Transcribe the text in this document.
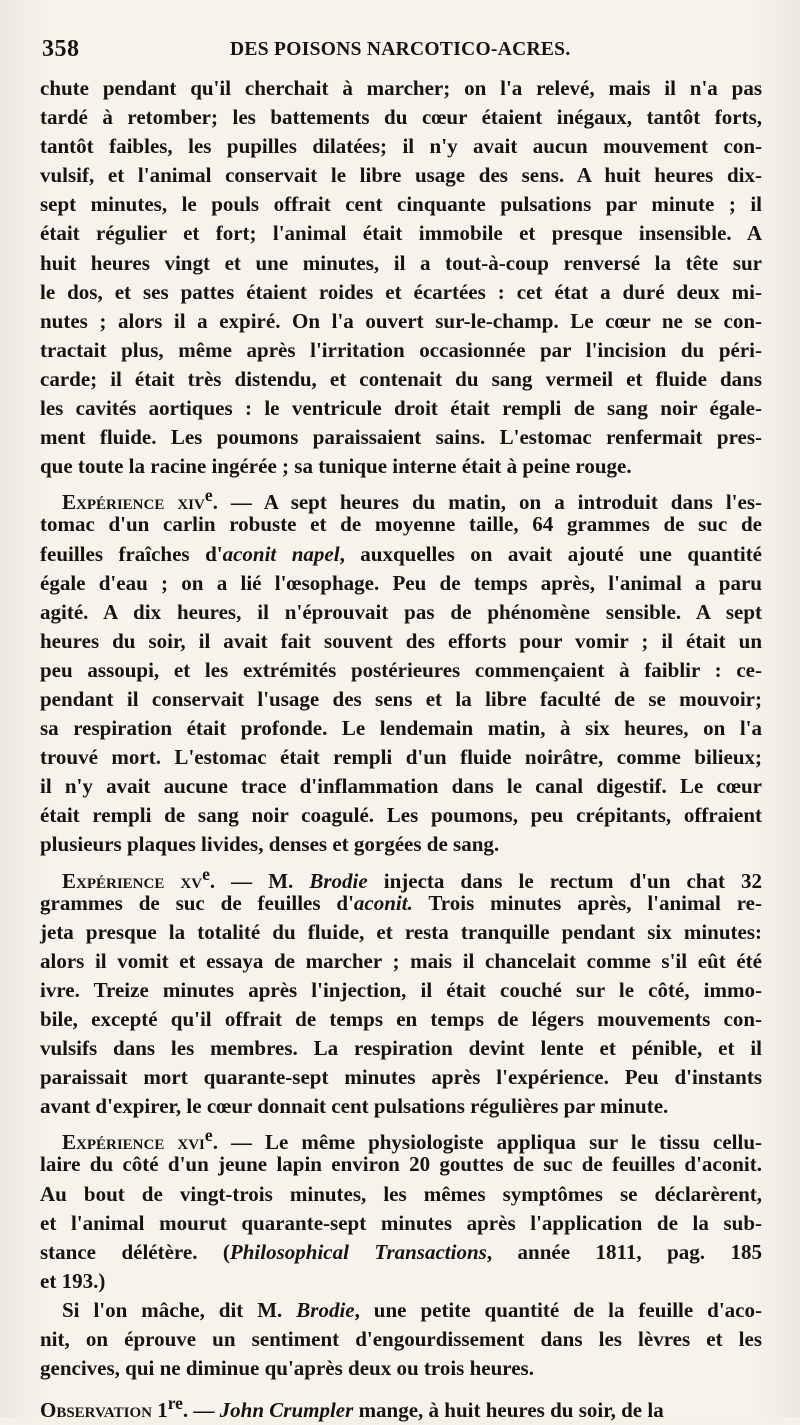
358	DES POISONS NARCOTICO-ACRES.
chute pendant qu'il cherchait à marcher; on l'a relevé, mais il n'a pas
tardé à retomber; les battements du cœur étaient inégaux, tantôt forts,
tantôt faibles, les pupilles dilatées; il n'y avait aucun mouvement con-
vulsif, et l'animal conservait le libre usage des sens. A huit heures dix-
sept minutes, le pouls offrait cent cinquante pulsations par minute ; il
était régulier et fort; l'animal était immobile et presque insensible. A
huit heures vingt et une minutes, il a tout-à-coup renversé la tête sur
le dos, et ses pattes étaient roides et écartées : cet état a duré deux mi-
nutes ; alors il a expiré. On l'a ouvert sur-le-champ. Le cœur ne se con-
tractait plus, même après l'irritation occasionnée par l'incision du péri-
carde; il était très distendu, et contenait du sang vermeil et fluide dans
les cavités aortiques : le ventricule droit était rempli de sang noir égale-
ment fluide. Les poumons paraissaient sains. L'estomac renfermait pres-
que toute la racine ingérée ; sa tunique interne était à peine rouge.
Expérience xiv$^e$. — A sept heures du matin, on a introduit dans l'es-
tomac d'un carlin robuste et de moyenne taille, 64 grammes de suc de
feuilles fraîches d'aconit napel, auxquelles on avait ajouté une quantité
égale d'eau ; on a lié l'œsophage. Peu de temps après, l'animal a paru
agité. A dix heures, il n'éprouvait pas de phénomène sensible. A sept
heures du soir, il avait fait souvent des efforts pour vomir ; il était un
peu assoupi, et les extrémités postérieures commençaient à faiblir : ce-
pendant il conservait l'usage des sens et la libre faculté de se mouvoir;
sa respiration était profonde. Le lendemain matin, à six heures, on l'a
trouvé mort. L'estomac était rempli d'un fluide noirâtre, comme bilieux;
il n'y avait aucune trace d'inflammation dans le canal digestif. Le cœur
était rempli de sang noir coagulé. Les poumons, peu crépitants, offraient
plusieurs plaques livides, denses et gorgées de sang.
Expérience $xv^e$. — M. Brodie injecta dans le rectum d'un chat 32
grammes de suc de feuilles d'aconit. Trois minutes après, l'animal re-
jeta presque la totalité du fluide, et resta tranquille pendant six minutes:
alors il vomit et essaya de marcher ; mais il chancelait comme s'il eût été
ivre. Treize minutes après l'injection, il était couché sur le côté, immo-
bile, excepté qu'il offrait de temps en temps de légers mouvements con-
vulsifs dans les membres. La respiration devint lente et pénible, et il
paraissait mort quarante-sept minutes après l'expérience. Peu d'instants
avant d'expirer, le cœur donnait cent pulsations régulières par minute.
Expérience xvi$^e$. — Le même physiologiste appliqua sur le tissu cellu-
laire du côté d'un jeune lapin environ 20 gouttes de suc de feuilles d'aconit.
Au bout de vingt-trois minutes, les mêmes symptômes se déclarèrent,
et l'animal mourut quarante-sept minutes après l'application de la sub-
stance délétère. (Philosophical Transactions, année 1811, pag. 185
et 193.)
Si l'on mâche, dit M. Brodie, une petite quantité de la feuille d'aco-
nit, on éprouve un sentiment d'engourdissement dans les lèvres et les
gencives, qui ne diminue qu'après deux ou trois heures.
Observation 1re. — John Crumpler mange, à huit heures du soir, de la
